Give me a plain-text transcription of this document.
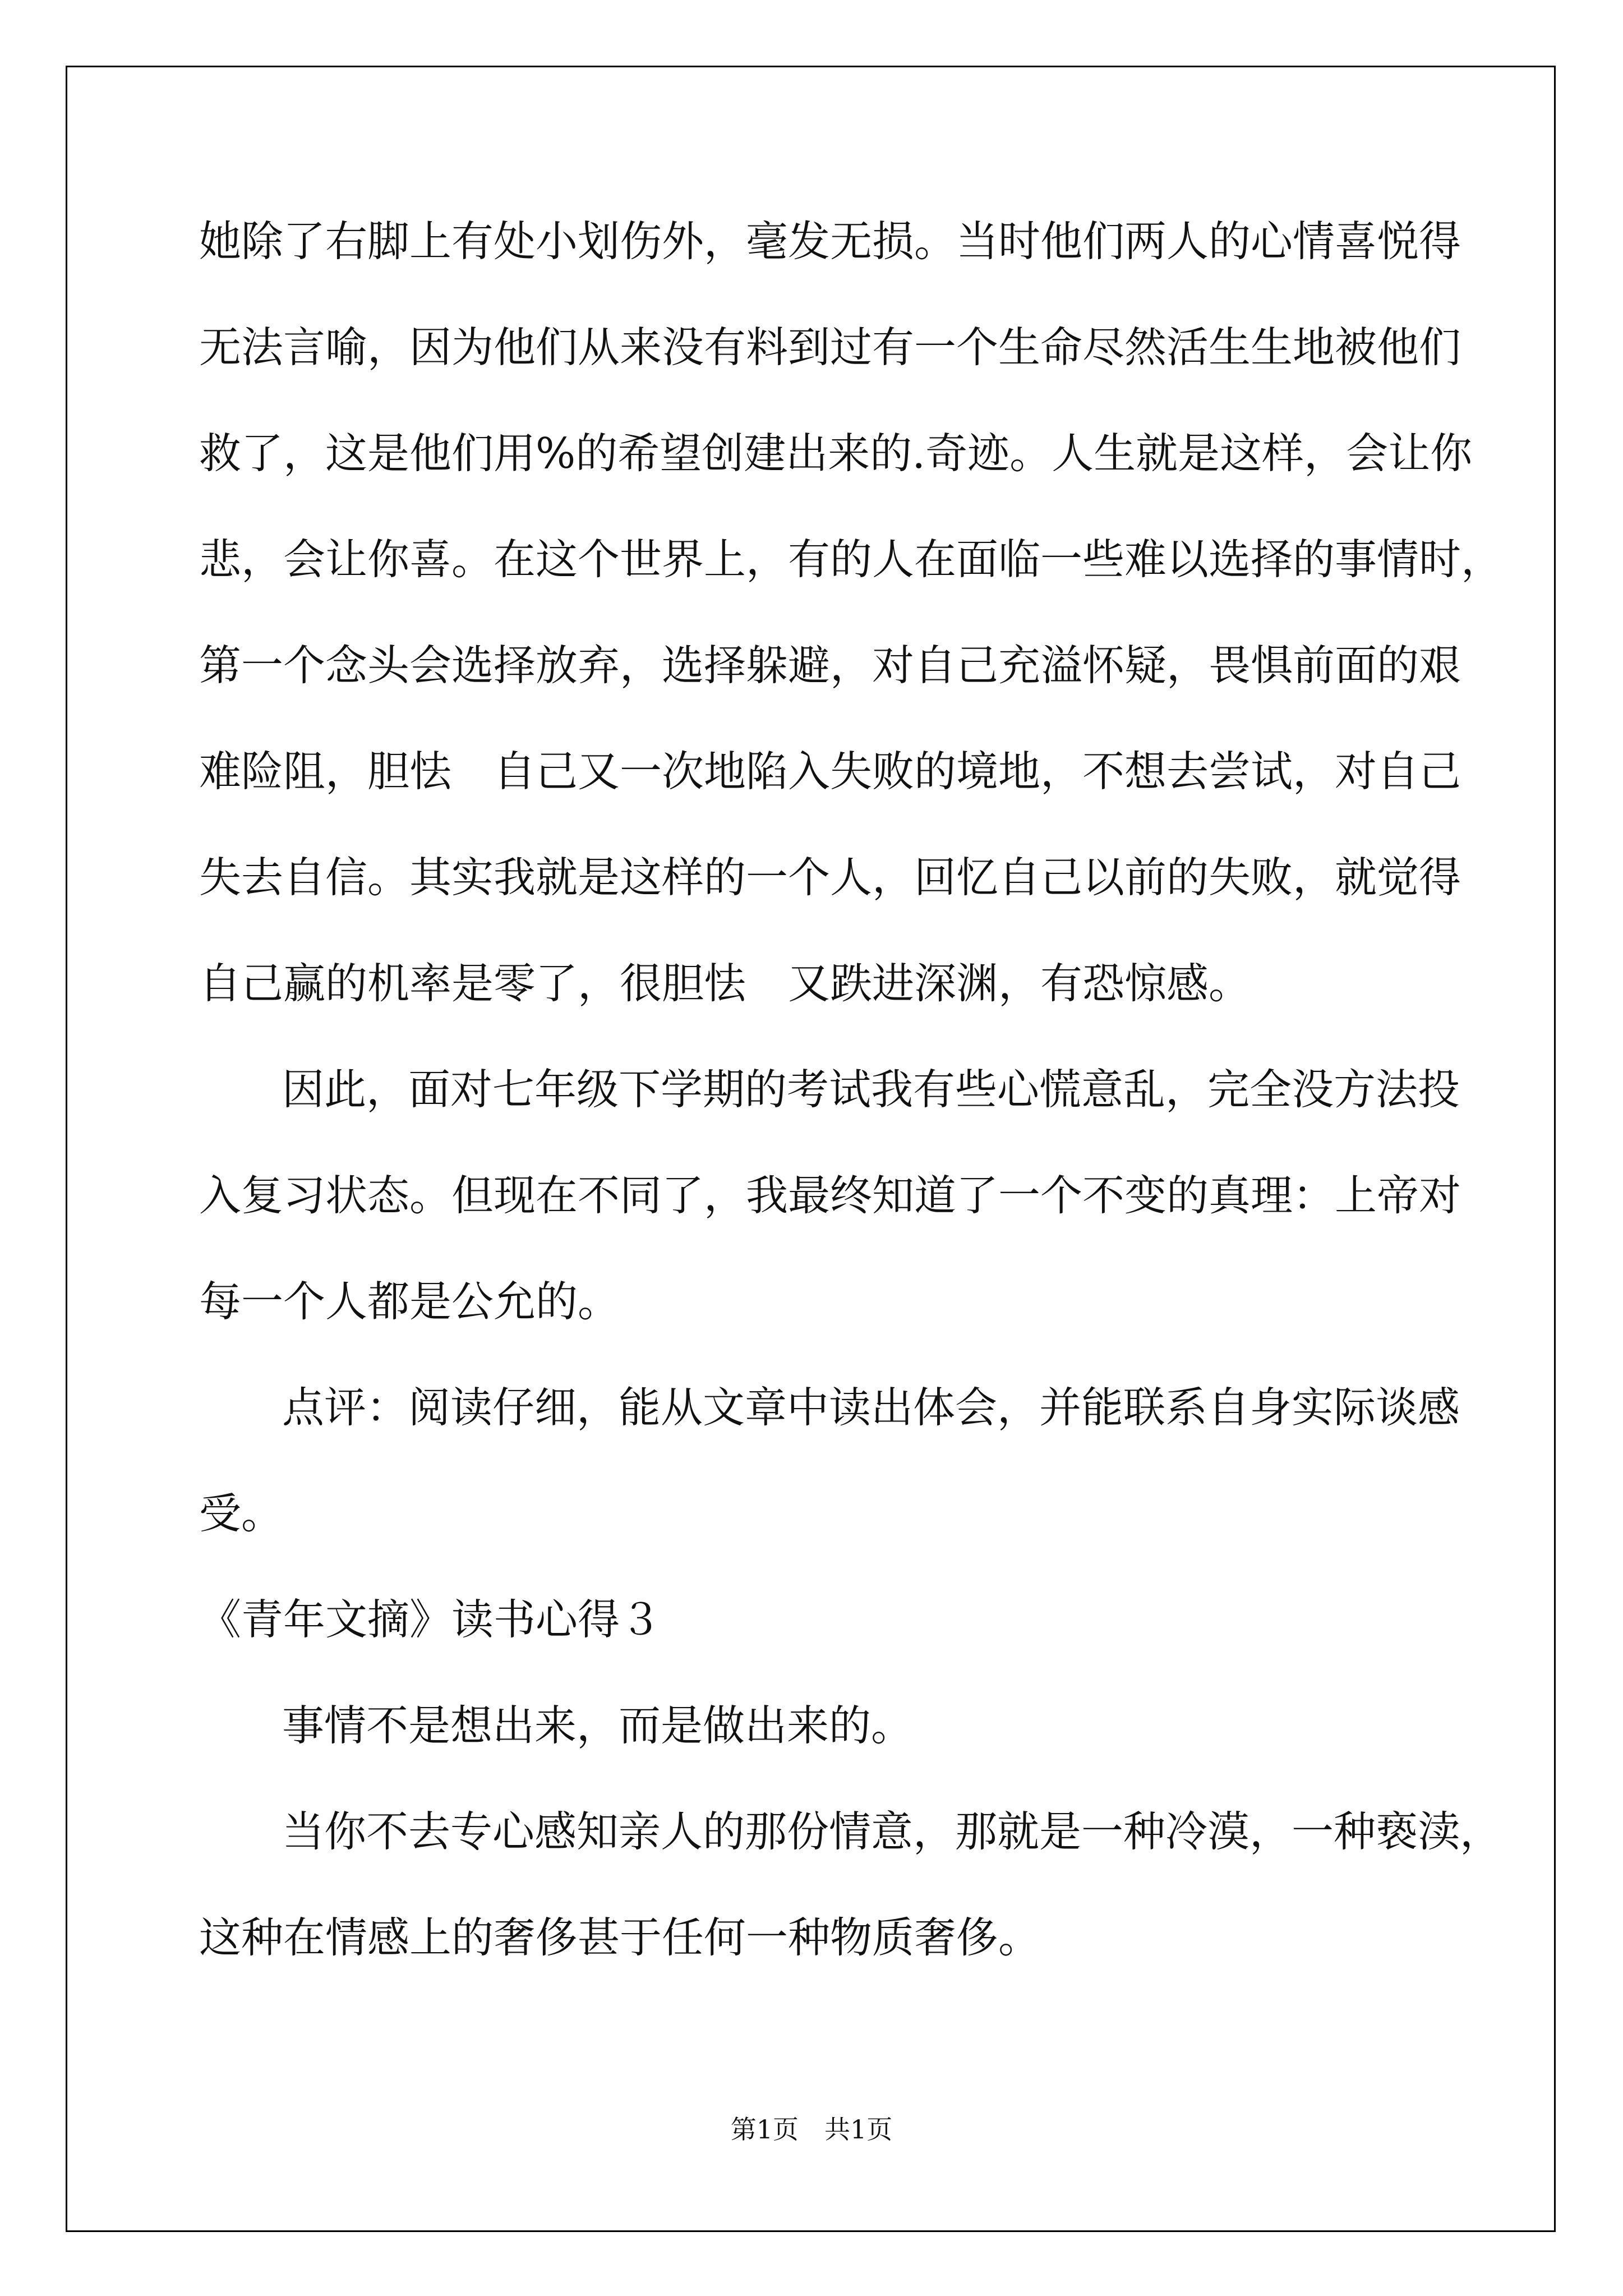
她除了右脚上有处小划伤外，毫发无损。当时他们两人的心情喜悦得
无法言喻，因为他们从来没有料到过有一个生命尽然活生生地被他们
救了，这是他们用%的希望创建出来的.奇迹。人生就是这样，会让你
悲，会让你喜。在这个世界上，有的人在面临一些难以选择的事情时，
第一个念头会选择放弃，选择躲避，对自己充溢怀疑，畏惧前面的艰
难险阻，胆怯　自己又一次地陷入失败的境地，不想去尝试，对自己
失去自信。其实我就是这样的一个人，回忆自己以前的失败，就觉得
自己赢的机率是零了，很胆怯　又跌进深渊，有恐惊感。
因此，面对七年级下学期的考试我有些心慌意乱，完全没方法投
入复习状态。但现在不同了，我最终知道了一个不变的真理：上帝对
每一个人都是公允的。
点评：阅读仔细，能从文章中读出体会，并能联系自身实际谈感
受。
《青年文摘》读书心得３
事情不是想出来，而是做出来的。
当你不去专心感知亲人的那份情意，那就是一种冷漠，一种亵渎，
这种在情感上的奢侈甚于任何一种物质奢侈。
第1页　共1页
